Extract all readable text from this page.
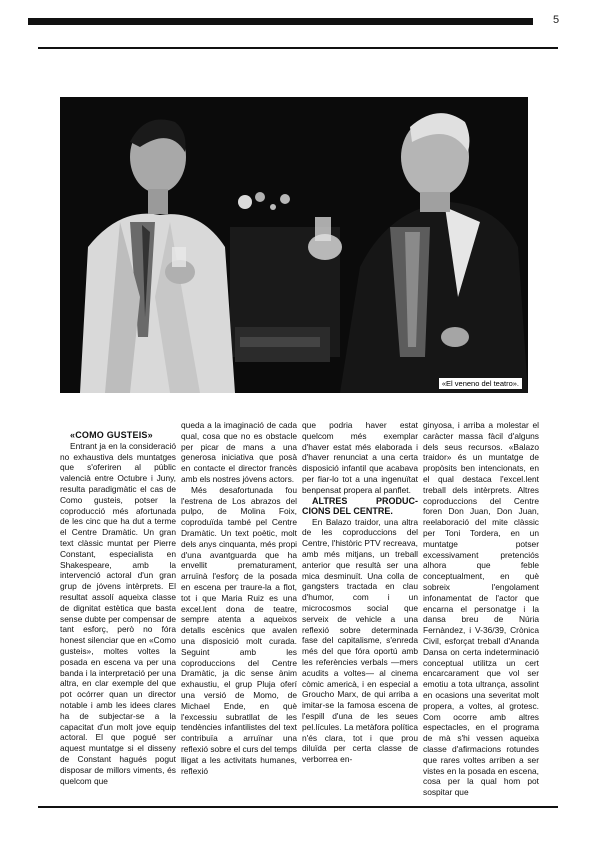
5
«El veneno del teatro».

«COMO GUSTEIS»

Entrant ja en la consideració no exhaustiva dels muntatges que s'oferiren al públic valencià entre Octubre i Juny, resulta paradigmàtic el cas de Como gusteis, potser la coproducció més afortunada de les cinc que ha dut a terme el Centre Dramàtic. Un gran text clàssic muntat per Pierre Constant, especialista en Shakespeare, amb la intervenció actoral d'un gran grup de jóvens intèrprets. El resultat assolí aqueixa classe de dignitat estètica que basta sense dubte per compensar de tant esforç, però no fóra honest silenciar que en «Como gusteis», moltes voltes la posada en escena va per una banda i la interpretació per una altra, en clar exemple del que pot ocórrer quan un director notable i amb les idees clares ha de subjectar-se a la capacitat d'un molt jove equip actoral. El que pogué ser aquest muntatge si el disseny de Constant hagués pogut disposar de millors viments, és quelcom que

queda a la imaginació de cada qual, cosa que no es obstacle per picar de mans a una generosa iniciativa que posà en contacte el director francès amb els nostres jóvens actors.

Més desafortunada fou l'estrena de Los abrazos del pulpo, de Molina Foix, coproduïda també pel Centre Dramàtic. Un text poètic, molt dels anys cinquanta, més propi d'una avantguarda que ha envellit prematurament, arruïnà l'esforç de la posada en escena per traure-la a flot, tot i que Maria Ruiz es una excel.lent dona de teatre, sempre atenta a aqueixos detalls escènics que avalen una disposició molt curada. Seguint amb les coproduccions del Centre Dramàtic, ja dic sense ànim exhaustiu, el grup Pluja oferí una versió de Momo, de Michael Ende, en què l'excessiu subratllat de les tendències infantilistes del text contribuïa a arruïnar una reflexió sobre el curs del temps lligat a les activitats humanes, reflexió

que podria haver estat quelcom més exemplar d'haver estat més elaborada i d'haver renunciat a una certa disposició infantil que acabava per fiar-lo tot a una ingenuïtat benpensat propera al panflet.

ALTRES PRODUC-CIONS DEL CENTRE.

En Balazo traidor, una altra de les coproduccions del Centre, l'històric PTV recreava, amb més mitjans, un treball anterior que resultà ser una mica desminuït. Una colla de gangsters tractada en clau d'humor, com i un microcosmos social que serveix de vehicle a una reflexió sobre determinada fase del capitalisme, s'enreda més del que fóra oportú amb les referències verbals —mers acudits a voltes— al cinema còmic americà, i en especial a Groucho Marx, de qui arriba a imitar-se la famosa escena de l'espill d'una de les seues pel.lícules. La metàfora política n'és clara, tot i que prou diluïda per certa classe de verborrea en-

ginyosa, i arriba a molestar el caràcter massa fàcil d'alguns dels seus recursos. «Balazo traidor» és un muntatge de propòsits ben intencionats, en el qual destaca l'excel.lent treball dels intèrprets. Altres coproduccions del Centre foren Don Juan, Don Juan, reelaboració del mite clàssic per Toni Tordera, en un muntatge potser excessivament pretenciós alhora que feble conceptualment, en què sobreix l'engolament infonamentat de l'actor que encarna el personatge i la dansa breu de Núria Fernàndez, i V-36/39, Crònica Civil, esforçat treball d'Ananda Dansa on certa indeterminació conceptual utilitza un cert encarcarament que vol ser emotiu a tota ultrança, assolint en ocasions una severitat molt propera, a voltes, al grotesc. Com ocorre amb altres espectacles, en el programa de mà s'hi vessen aqueixa classe d'afirmacions rotundes que rares voltes arriben a ser vistes en la posada en escena, cosa per la qual hom pot sospitar que
